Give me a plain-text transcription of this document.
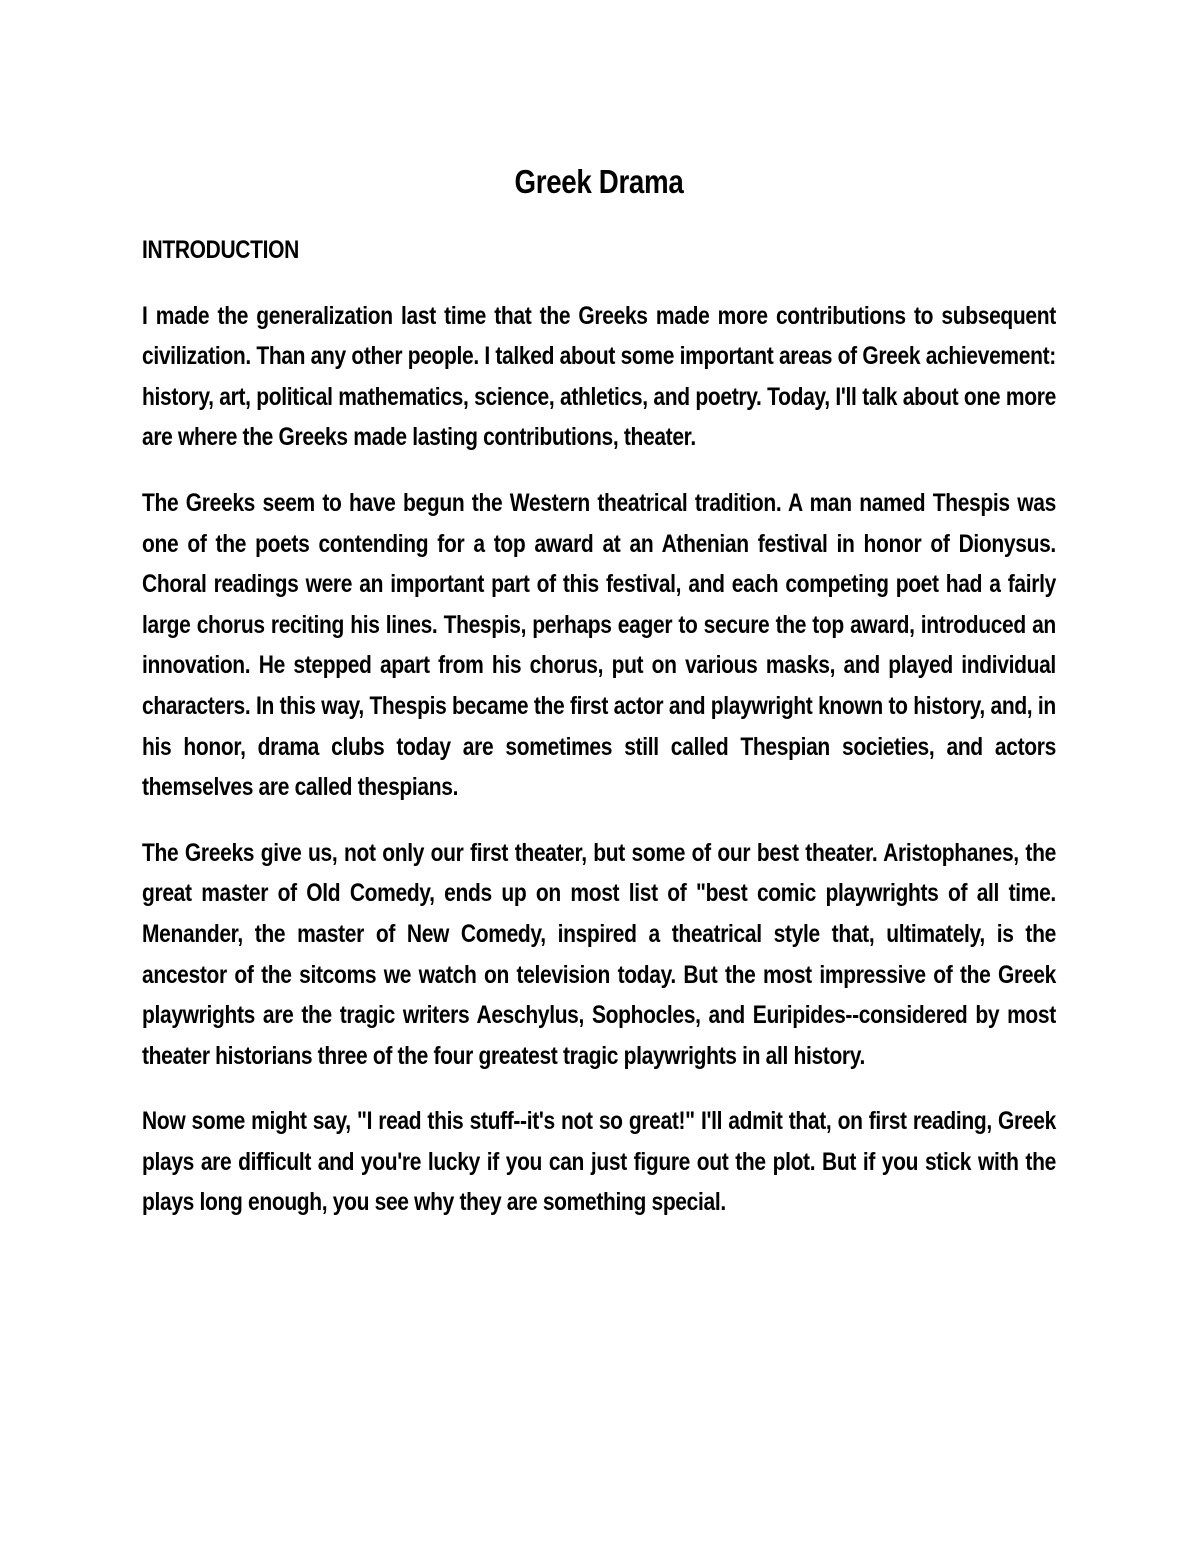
Greek Drama
INTRODUCTION

I made the generalization last time that the Greeks made more contributions to subsequent civilization. Than any other people. I talked about some important areas of Greek achievement: history, art, political mathematics, science, athletics, and poetry. Today, I'll talk about one more are where the Greeks made lasting contributions, theater.

The Greeks seem to have begun the Western theatrical tradition. A man named Thespis was one of the poets contending for a top award at an Athenian festival in honor of Dionysus. Choral readings were an important part of this festival, and each competing poet had a fairly large chorus reciting his lines. Thespis, perhaps eager to secure the top award, introduced an innovation. He stepped apart from his chorus, put on various masks, and played individual characters. In this way, Thespis became the first actor and playwright known to history, and, in his honor, drama clubs today are sometimes still called Thespian societies, and actors themselves are called thespians.

The Greeks give us, not only our first theater, but some of our best theater. Aristophanes, the great master of Old Comedy, ends up on most list of "best comic playwrights of all time. Menander, the master of New Comedy, inspired a theatrical style that, ultimately, is the ancestor of the sitcoms we watch on television today. But the most impressive of the Greek playwrights are the tragic writers Aeschylus, Sophocles, and Euripides--considered by most theater historians three of the four greatest tragic playwrights in all history.

Now some might say, "I read this stuff--it's not so great!" I'll admit that, on first reading, Greek plays are difficult and you're lucky if you can just figure out the plot. But if you stick with the plays long enough, you see why they are something special.
